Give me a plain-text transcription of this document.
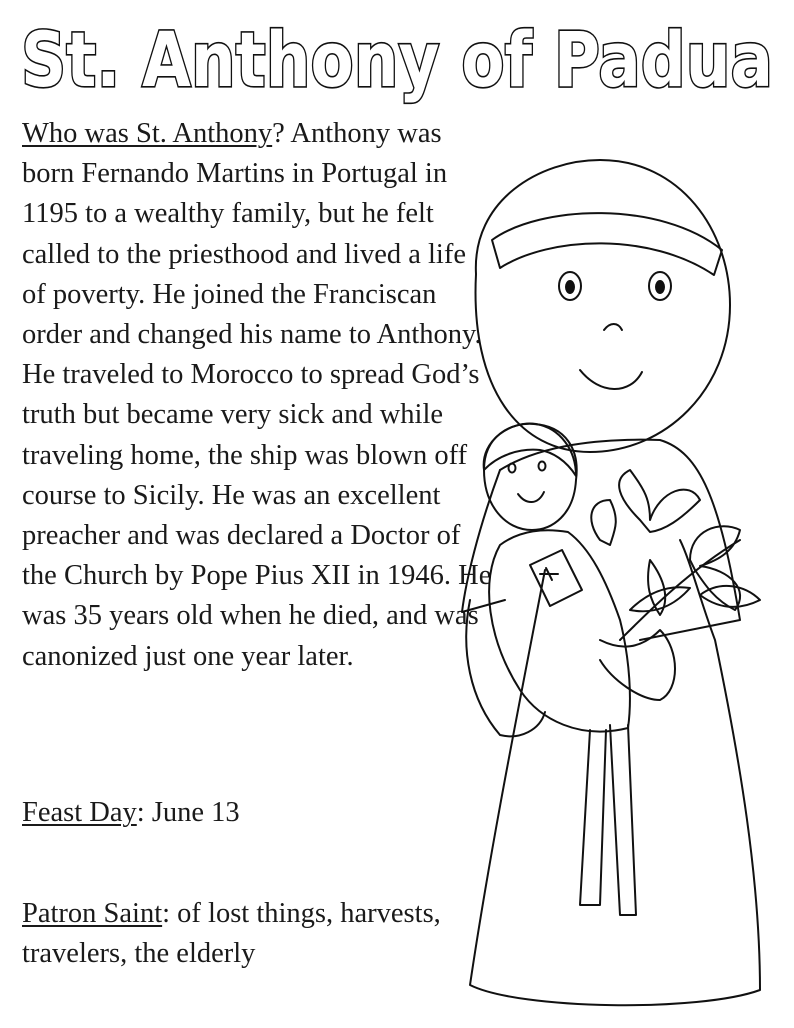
St. Anthony of Padua

Who was St. Anthony? Anthony was born Fernando Martins in Portugal in 1195 to a wealthy family, but he felt called to the priesthood and lived a life of poverty. He joined the Franciscan order and changed his name to Anthony. He traveled to Morocco to spread God’s truth but became very sick and while traveling home, the ship was blown off course to Sicily. He was an excellent preacher and was declared a Doctor of the Church by Pope Pius XII in 1946. He was 35 years old when he died, and was canonized just one year later.

Feast Day: June 13
Patron Saint: of lost things, harvests, travelers, the elderly
